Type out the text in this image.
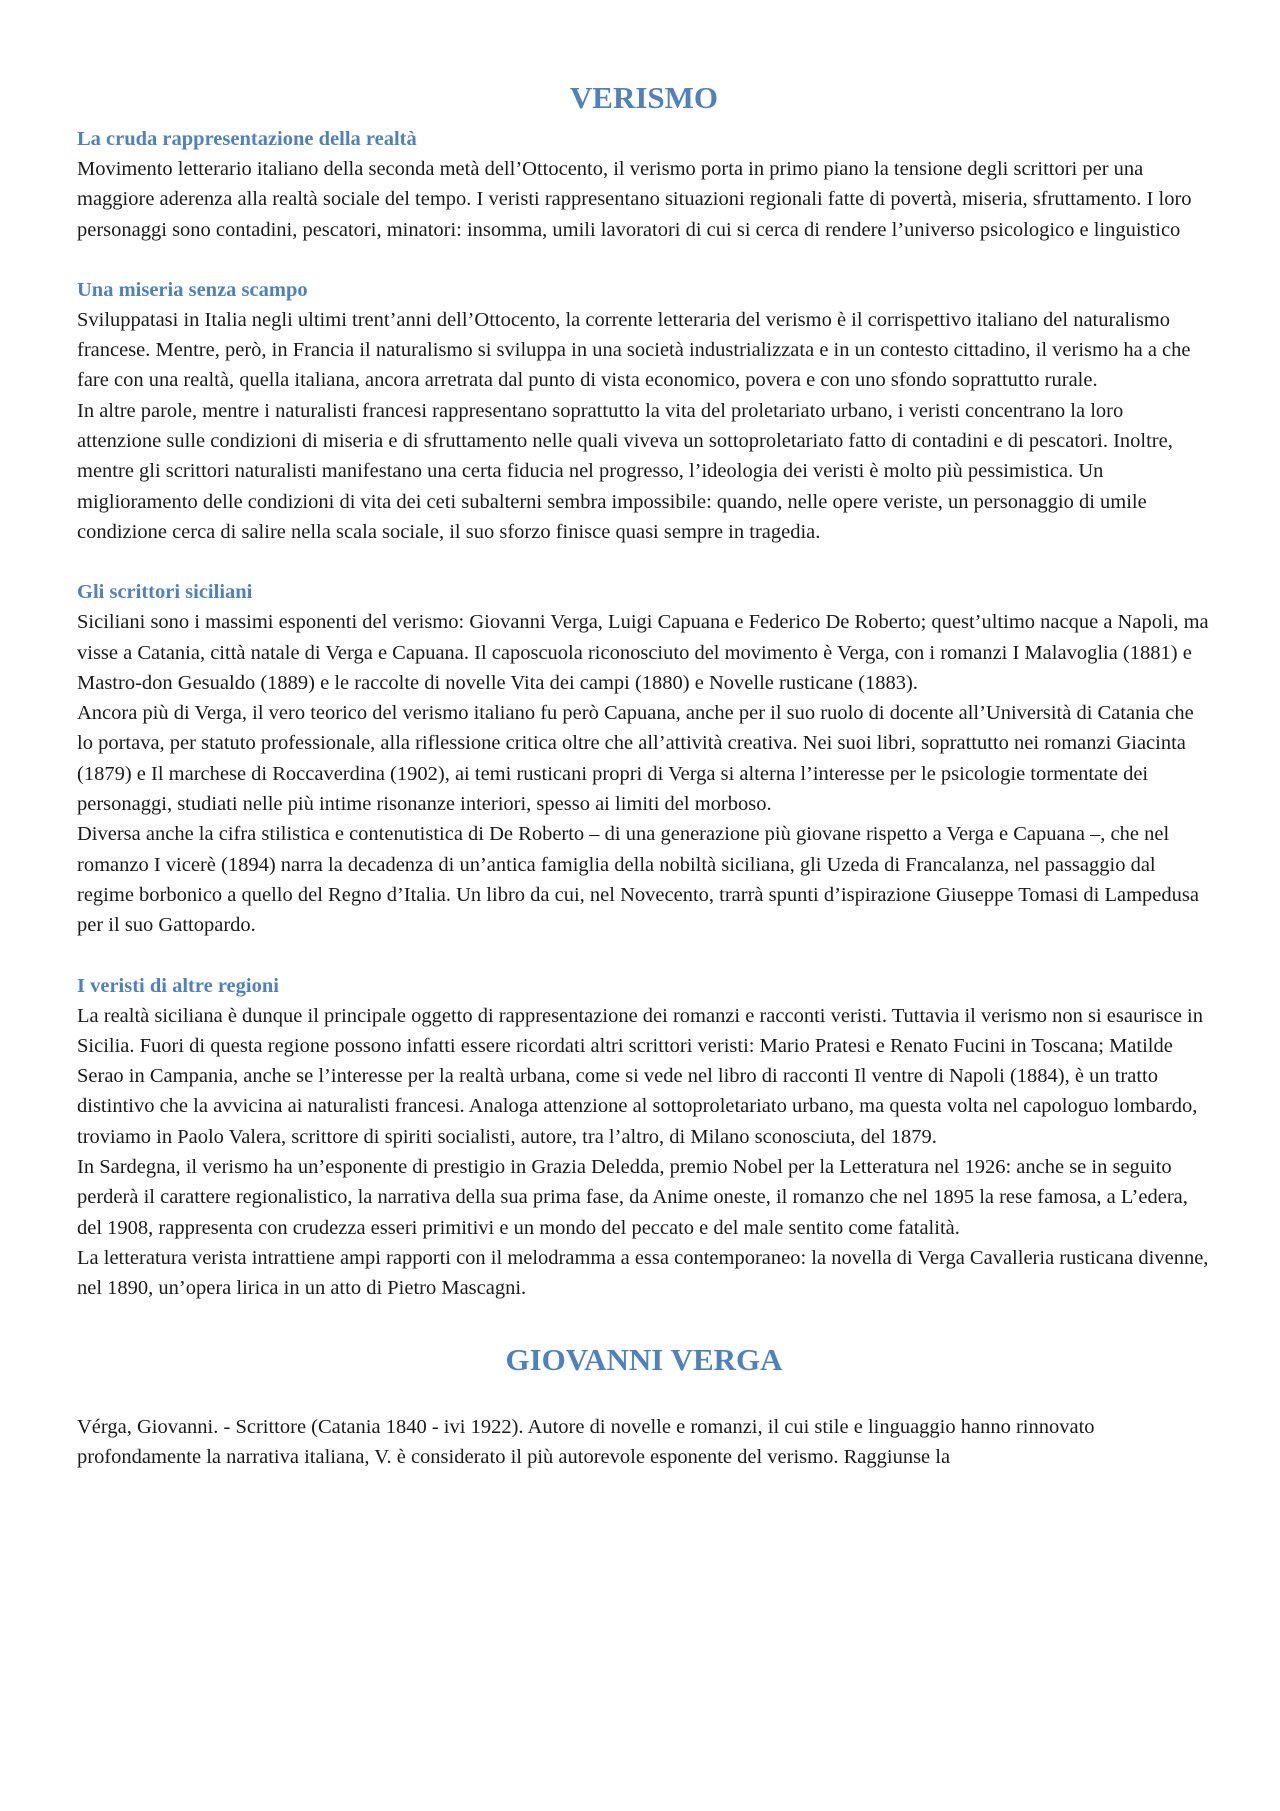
VERISMO
La cruda rappresentazione della realtà

Movimento letterario italiano della seconda metà dell’Ottocento, il verismo porta in primo piano la tensione degli scrittori per una maggiore aderenza alla realtà sociale del tempo. I veristi rappresentano situazioni regionali fatte di povertà, miseria, sfruttamento. I loro personaggi sono contadini, pescatori, minatori: insomma, umili lavoratori di cui si cerca di rendere l’universo psicologico e linguistico

Una miseria senza scampo

Sviluppatasi in Italia negli ultimi trent’anni dell’Ottocento, la corrente letteraria del verismo è il corrispettivo italiano del naturalismo francese. Mentre, però, in Francia il naturalismo si sviluppa in una società industrializzata e in un contesto cittadino, il verismo ha a che fare con una realtà, quella italiana, ancora arretrata dal punto di vista economico, povera e con uno sfondo soprattutto rurale.

In altre parole, mentre i naturalisti francesi rappresentano soprattutto la vita del proletariato urbano, i veristi concentrano la loro attenzione sulle condizioni di miseria e di sfruttamento nelle quali viveva un sottoproletariato fatto di contadini e di pescatori. Inoltre, mentre gli scrittori naturalisti manifestano una certa fiducia nel progresso, l’ideologia dei veristi è molto più pessimistica. Un miglioramento delle condizioni di vita dei ceti subalterni sembra impossibile: quando, nelle opere veriste, un personaggio di umile condizione cerca di salire nella scala sociale, il suo sforzo finisce quasi sempre in tragedia.

Gli scrittori siciliani

Siciliani sono i massimi esponenti del verismo: Giovanni Verga, Luigi Capuana e Federico De Roberto; quest’ultimo nacque a Napoli, ma visse a Catania, città natale di Verga e Capuana. Il caposcuola riconosciuto del movimento è Verga, con i romanzi I Malavoglia (1881) e Mastro-don Gesualdo (1889) e le raccolte di novelle Vita dei campi (1880) e Novelle rusticane (1883).

Ancora più di Verga, il vero teorico del verismo italiano fu però Capuana, anche per il suo ruolo di docente all’Università di Catania che lo portava, per statuto professionale, alla riflessione critica oltre che all’attività creativa. Nei suoi libri, soprattutto nei romanzi Giacinta (1879) e Il marchese di Roccaverdina (1902), ai temi rusticani propri di Verga si alterna l’interesse per le psicologie tormentate dei personaggi, studiati nelle più intime risonanze interiori, spesso ai limiti del morboso.

Diversa anche la cifra stilistica e contenutistica di De Roberto – di una generazione più giovane rispetto a Verga e Capuana –, che nel romanzo I vicerè (1894) narra la decadenza di un’antica famiglia della nobiltà siciliana, gli Uzeda di Francalanza, nel passaggio dal regime borbonico a quello del Regno d’Italia. Un libro da cui, nel Novecento, trarrà spunti d’ispirazione Giuseppe Tomasi di Lampedusa per il suo Gattopardo.

I veristi di altre regioni

La realtà siciliana è dunque il principale oggetto di rappresentazione dei romanzi e racconti veristi. Tuttavia il verismo non si esaurisce in Sicilia. Fuori di questa regione possono infatti essere ricordati altri scrittori veristi: Mario Pratesi e Renato Fucini in Toscana; Matilde Serao in Campania, anche se l’interesse per la realtà urbana, come si vede nel libro di racconti Il ventre di Napoli (1884), è un tratto distintivo che la avvicina ai naturalisti francesi. Analoga attenzione al sottoproletariato urbano, ma questa volta nel capologuo lombardo, troviamo in Paolo Valera, scrittore di spiriti socialisti, autore, tra l’altro, di Milano sconosciuta, del 1879.

In Sardegna, il verismo ha un’esponente di prestigio in Grazia Deledda, premio Nobel per la Letteratura nel 1926: anche se in seguito perderà il carattere regionalistico, la narrativa della sua prima fase, da Anime oneste, il romanzo che nel 1895 la rese famosa, a L’edera, del 1908, rappresenta con crudezza esseri primitivi e un mondo del peccato e del male sentito come fatalità.

La letteratura verista intrattiene ampi rapporti con il melodramma a essa contemporaneo: la novella di Verga Cavalleria rusticana divenne, nel 1890, un’opera lirica in un atto di Pietro Mascagni.

GIOVANNI VERGA

Vérga, Giovanni. - Scrittore (Catania 1840 - ivi 1922). Autore di novelle e romanzi, il cui stile e linguaggio hanno rinnovato profondamente la narrativa italiana, V. è considerato il più autorevole esponente del verismo. Raggiunse la
